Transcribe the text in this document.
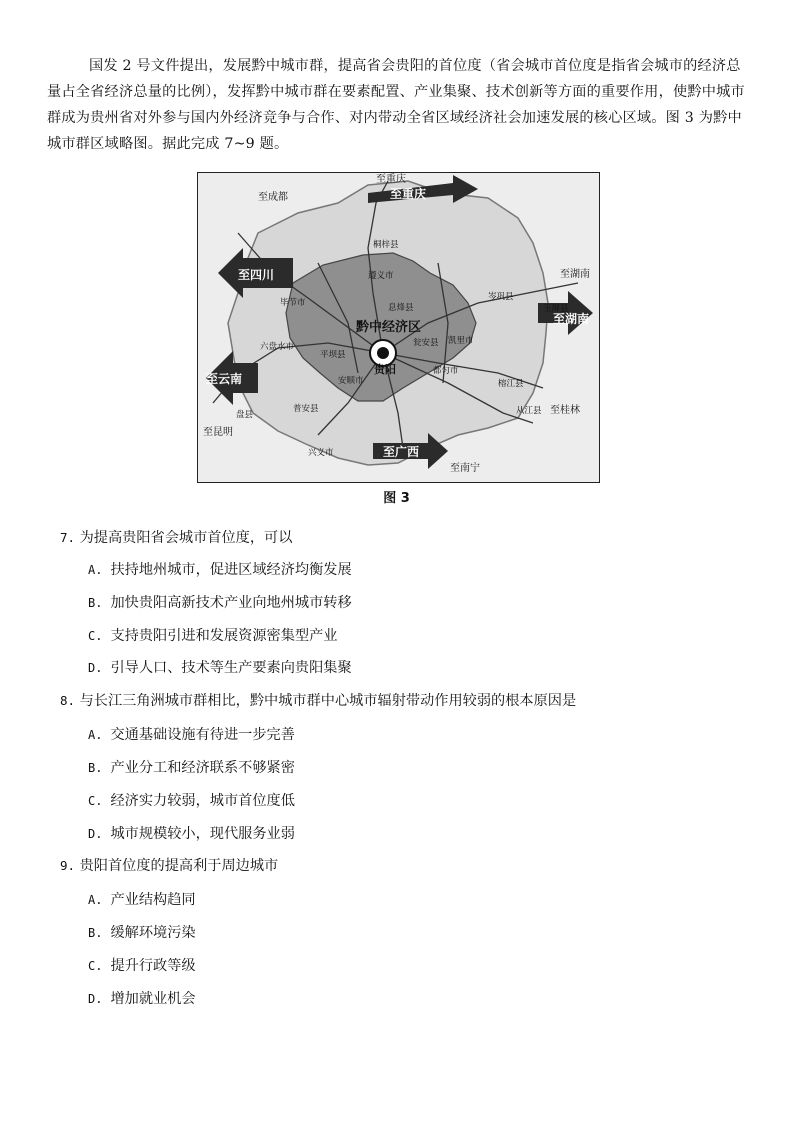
国发 2 号文件提出，发展黔中城市群，提高省会贵阳的首位度（省会城市首位度是指省会城市的经济总量占全省经济总量的比例），发挥黔中城市群在要素配置、产业集聚、技术创新等方面的重要作用，使黔中城市群成为贵州省对外参与国内外经济竞争与合作、对内带动全省区域经济社会加速发展的核心区域。图 3 为黔中城市群区域略图。据此完成 7~9 题。

至重庆
至重庆
至成都
至四川	至湖南
至湖南
至云南
至昆明
至广西
至南宁
至桂林
黔中经济区
贵阳
桐梓县
遵义市
息烽县
毕节市
岑巩县
玉屏县
六盘水市
平坝县
安顺市
凯里市
都匀市
榕江县
从江县
盘县
普安县
兴义市
瓮安县
图 3
7. 为提高贵阳省会城市首位度，可以
A. 扶持地州城市，促进区域经济均衡发展
B. 加快贵阳高新技术产业向地州城市转移
C. 支持贵阳引进和发展资源密集型产业
D. 引导人口、技术等生产要素向贵阳集聚
8. 与长江三角洲城市群相比，黔中城市群中心城市辐射带动作用较弱的根本原因是
A. 交通基础设施有待进一步完善
B. 产业分工和经济联系不够紧密
C. 经济实力较弱，城市首位度低
D. 城市规模较小，现代服务业弱
9. 贵阳首位度的提高利于周边城市
A. 产业结构趋同
B. 缓解环境污染
C. 提升行政等级
D. 增加就业机会
